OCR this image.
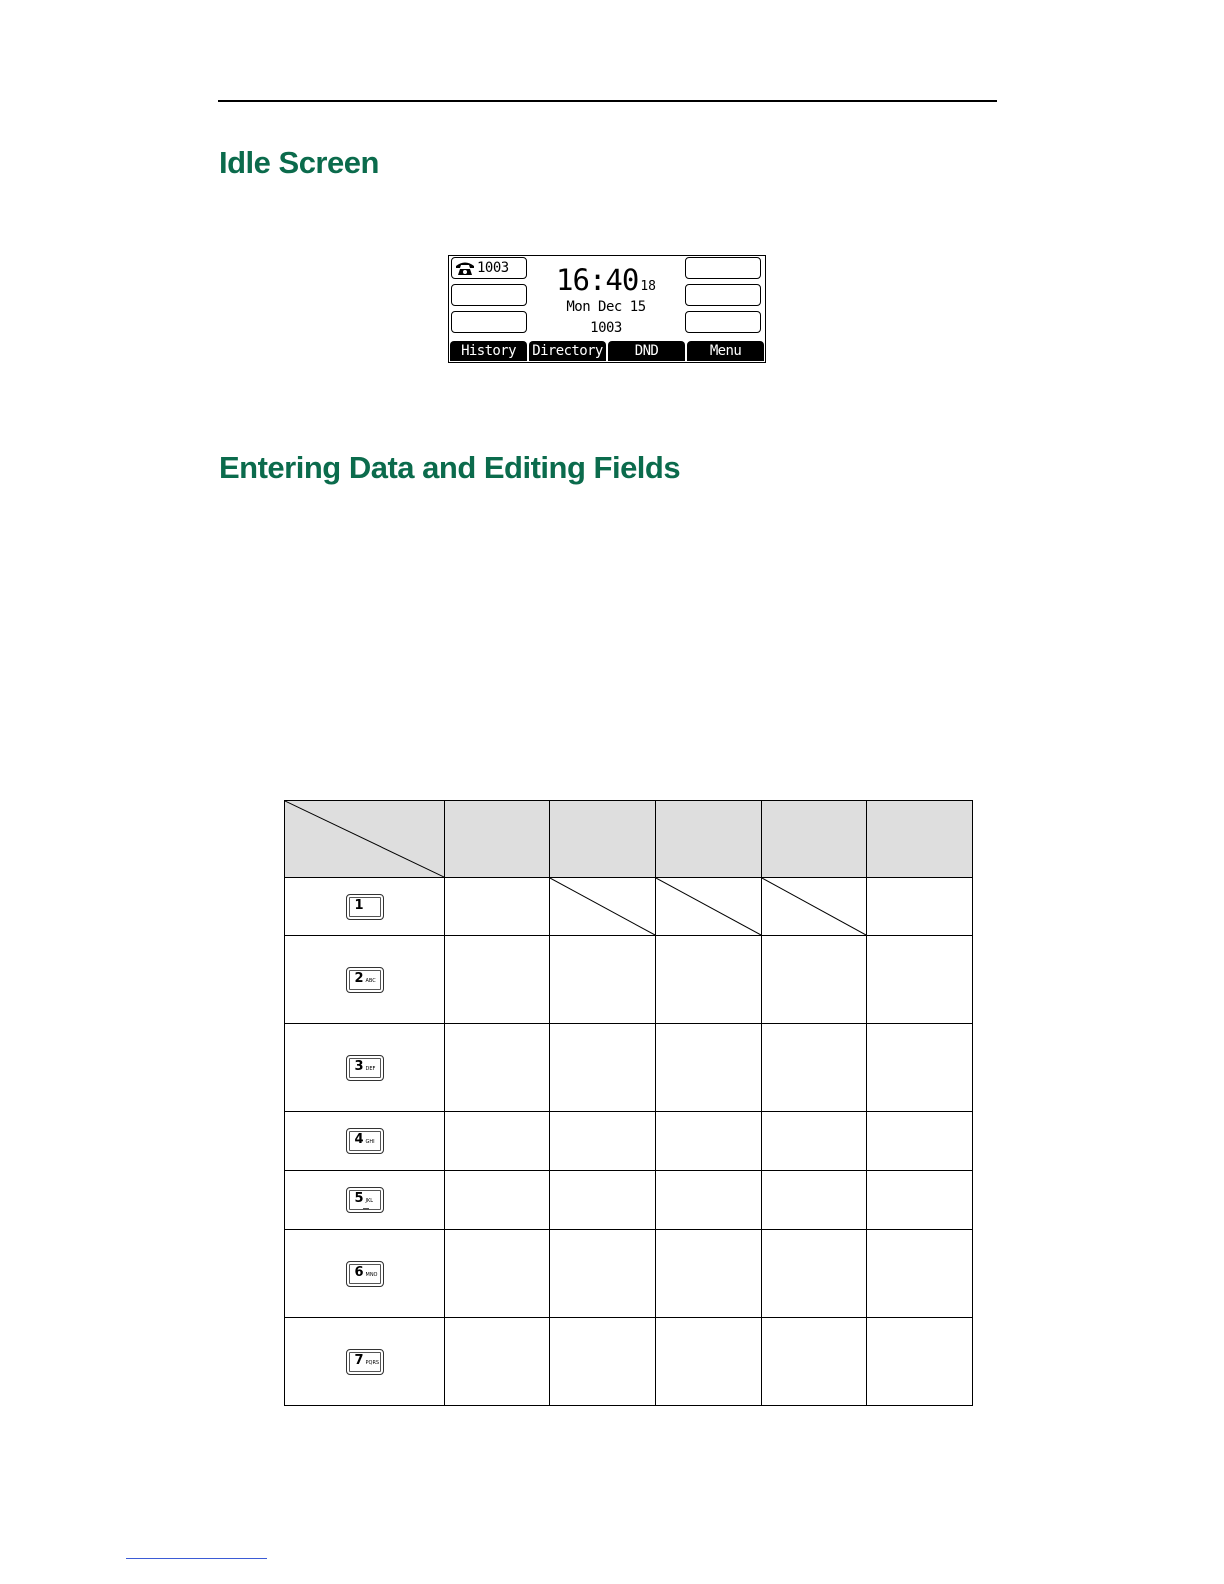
Idle Screen
1003	16:40 18
Mon Dec 15
1003
History	Directory	DND	Menu
Entering Data and Editing Fields

1

2 ABC					

3 DEF					

4 GHI					

5 JKL					

6 MNO					

7 PQRS					
